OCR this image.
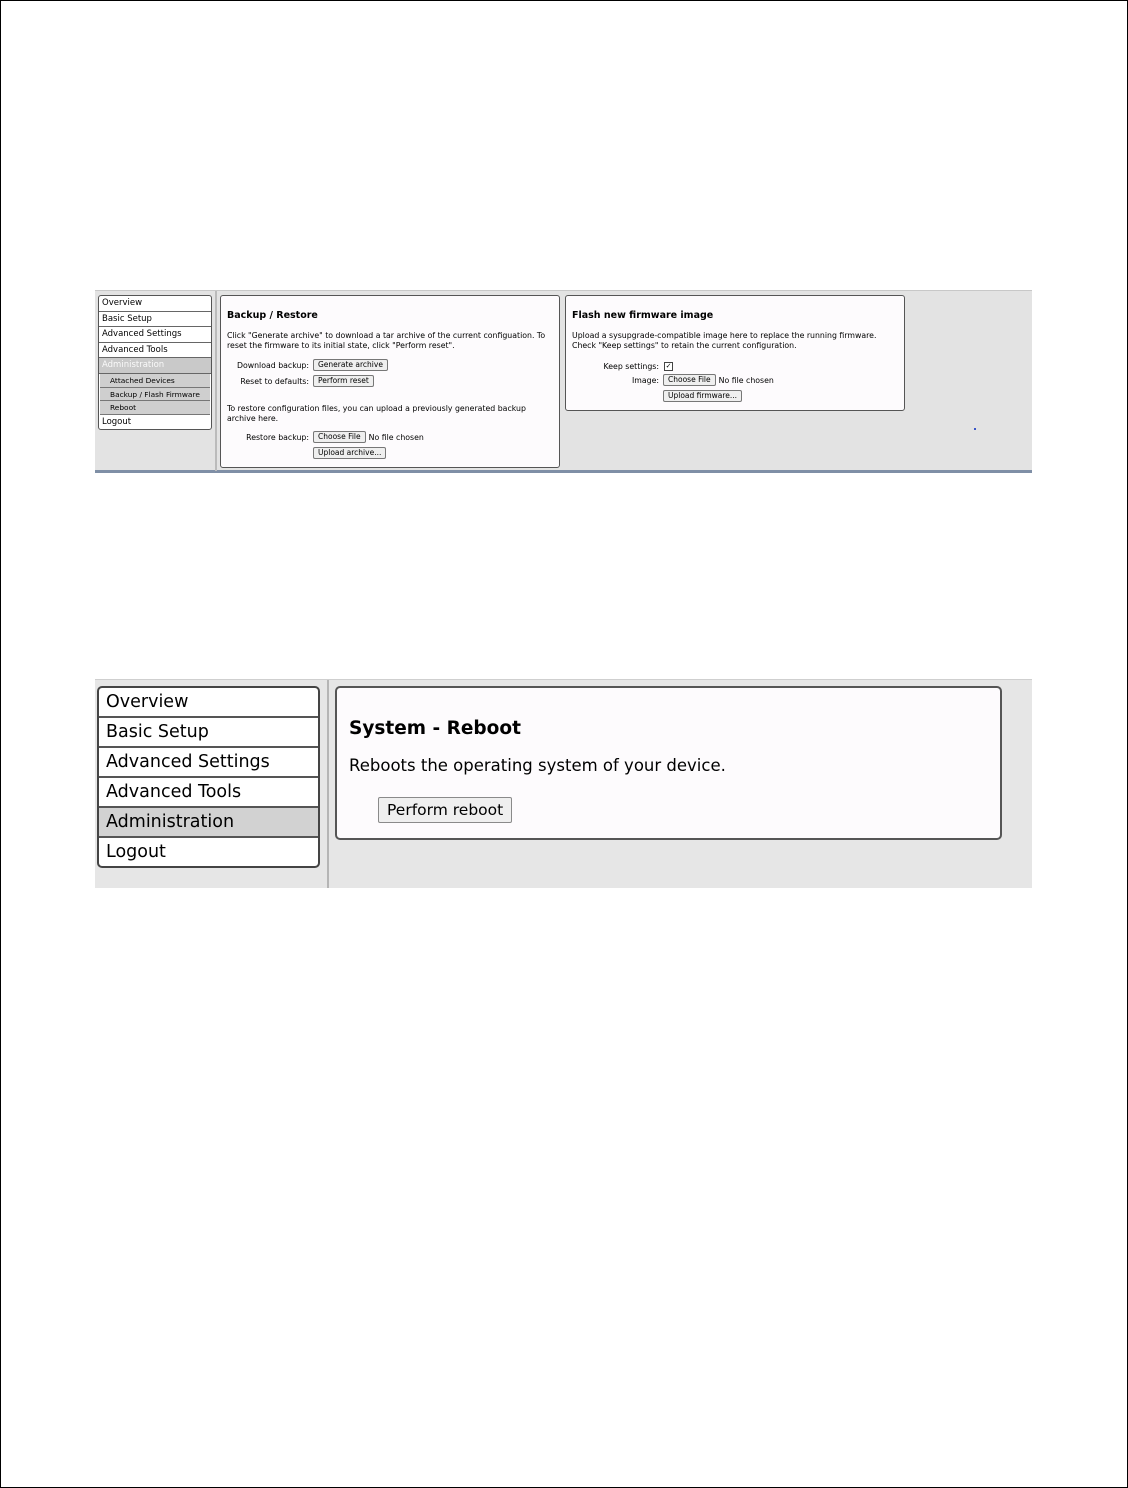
Overview
Basic Setup
Advanced Settings
Advanced Tools
Administration
Attached Devices
Backup / Flash Firmware
Reboot
Logout
Backup / Restore

Click "Generate archive" to download a tar archive of the current configuation. To reset the firmware to its initial state, click "Perform reset".

Download backup:	Generate archive
Reset to defaults:	Perform reset

To restore configuration files, you can upload a previously generated backup archive here.

Restore backup:	Choose File	No file chosen
Upload archive...
Flash new firmware image

Upload a sysupgrade-compatible image here to replace the running firmware. Check "Keep settings" to retain the current configuration.

Keep settings: ✓
Image:	Choose File	No file chosen
Upload firmware...
Overview
Basic Setup
Advanced Settings
Advanced Tools
Administration
Logout
System - Reboot

Reboots the operating system of your device.

Perform reboot
